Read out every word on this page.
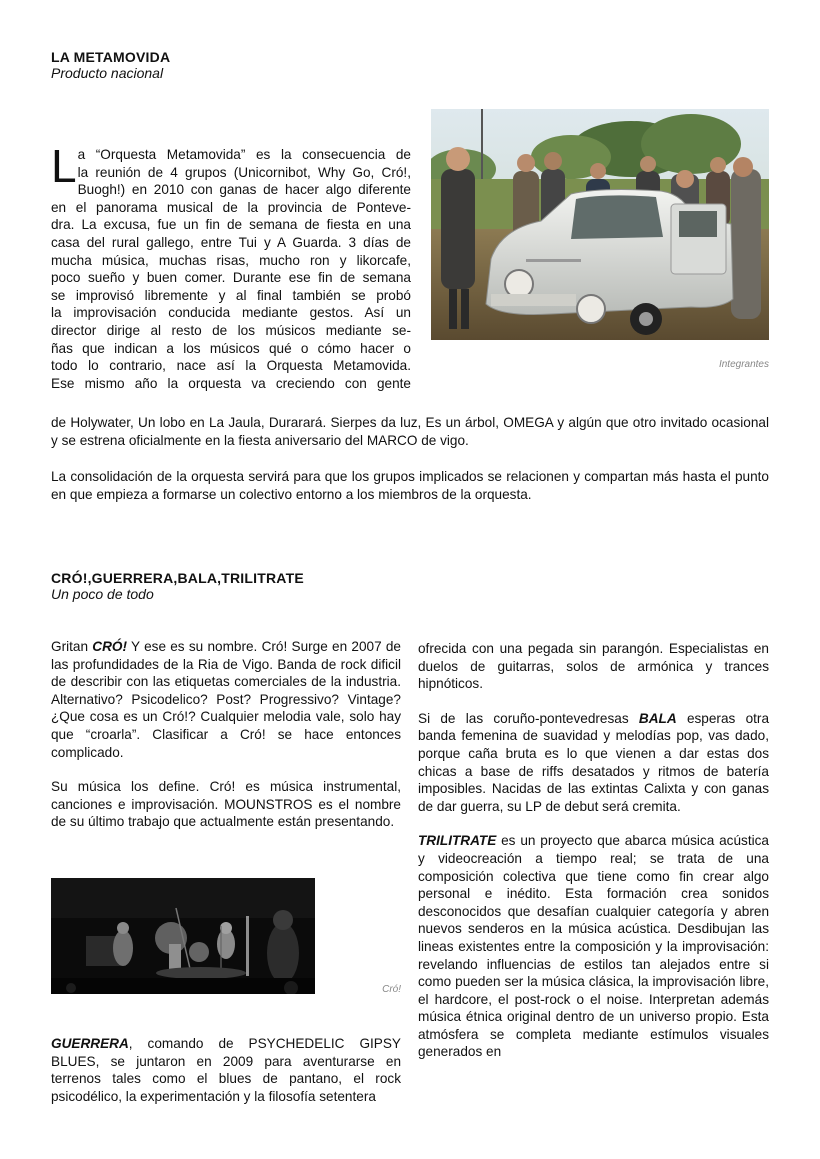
LA METAMOVIDA
Producto nacional
Integrantes
L a “Orquesta Metamovida” es la consecuencia de
la reunión de 4 grupos (Unicornibot, Why Go, Cró!,
Buogh!) en 2010 con ganas de hacer algo diferente
en el panorama musical de la provincia de Ponteve-
dra. La excusa, fue un fin de semana de fiesta en una
casa del rural gallego, entre Tui y A Guarda. 3 días de
mucha música, muchas risas, mucho ron y likorcafe,
poco sueño y buen comer. Durante ese fin de semana
se improvisó libremente y al final también se probó
la improvisación conducida mediante gestos. Así un
director dirige al resto de los músicos mediante se-
ñas que indican a los músicos qué o cómo hacer o
todo lo contrario, nace así la Orquesta Metamovida.
Ese mismo año la orquesta va creciendo con gente
de Holywater, Un lobo en La Jaula, Durarará. Sierpes da luz, Es un árbol, OMEGA y algún que otro invitado ocasional y se estrena oficialmente en la fiesta aniversario del MARCO de vigo.
La consolidación de la orquesta servirá para que los grupos implicados se relacionen y compartan más hasta el punto en que empieza a formarse un colectivo entorno a los miembros de la orquesta.
CRÓ!,GUERRERA,BALA,TRILITRATE
Un poco de todo

Gritan CRÓ! Y ese es su nombre. Cró! Surge en 2007 de las profundidades de la Ria de Vigo. Banda de rock dificil de describir con las etiquetas comerciales de la industria. Alternativo? Psicodelico? Post? Progressivo? Vintage? ¿Que cosa es un Cró!? Cualquier melodia vale, solo hay que “croarla”. Clasificar a Cró! se hace entonces complicado.

Su música los define. Cró! es música instrumental, canciones e improvisación. MOUNSTROS es el nombre de su último trabajo que actualmente están presentando.

Cró!

GUERRERA, comando de PSYCHEDELIC GIPSY BLUES, se juntaron en 2009 para aventurarse en terrenos tales como el blues de pantano, el rock psicodélico, la experimentación y la filosofía setentera

ofrecida con una pegada sin parangón. Especialistas en duelos de guitarras, solos de armónica y trances hipnóticos.

Si de las coruño-pontevedresas BALA esperas otra banda femenina de suavidad y melodías pop, vas dado, porque caña bruta es lo que vienen a dar estas dos chicas a base de riffs desatados y ritmos de batería imposibles. Nacidas de las extintas Calixta y con ganas de dar guerra, su LP de debut será cremita.

TRILITRATE es un proyecto que abarca música acústica y videocreación a tiempo real; se trata de una composición colectiva que tiene como fin crear algo personal e inédito. Esta formación crea sonidos desconocidos que desafían cualquier categoría y abren nuevos senderos en la música acústica. Desdibujan las lineas existentes entre la composición y la improvisación: revelando influencias de estilos tan alejados entre si como pueden ser la música clásica, la improvisación libre, el hardcore, el post-rock o el noise. Interpretan además música étnica original dentro de un universo propio. Esta atmósfera se completa mediante estímulos visuales generados en
